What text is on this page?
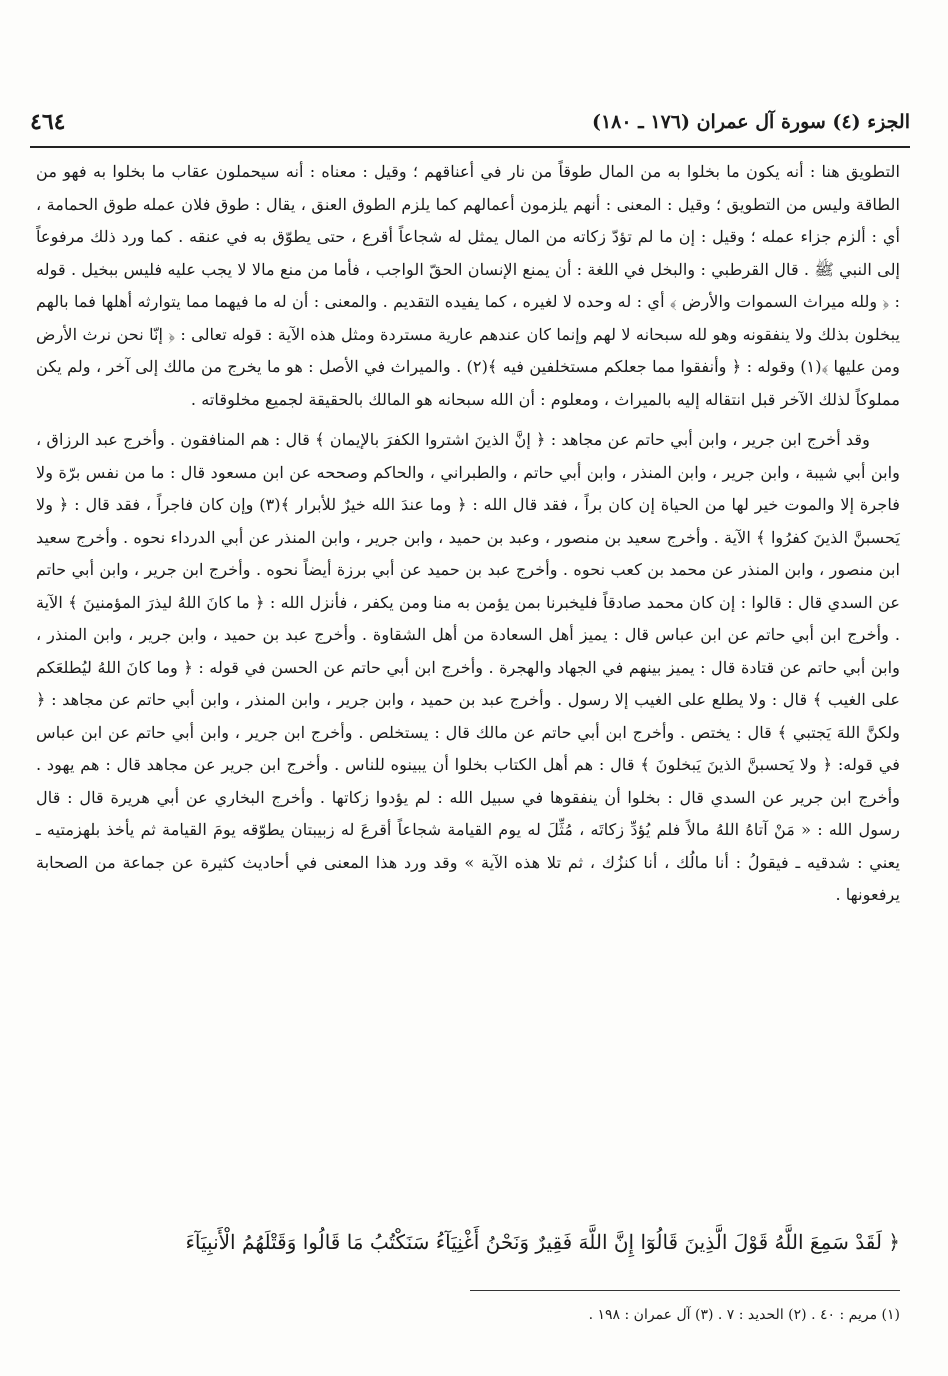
الجزء (٤) سورة آل عمران (١٧٦ ـ ١٨٠)
٤٦٤

التطويق هنا : أنه يكون ما بخلوا به من المال طوقاً من نار في أعناقهم ؛ وقيل : معناه : أنه سيحملون عقاب ما بخلوا به فهو من الطاقة وليس من التطويق ؛ وقيل : المعنى : أنهم يلزمون أعمالهم كما يلزم الطوق العنق ، يقال : طوق فلان عمله طوق الحمامة ، أي : ألزم جزاء عمله ؛ وقيل : إن ما لم تؤدّ زكاته من المال يمثل له شجاعاً أقرع ، حتى يطوّق به في عنقه . كما ورد ذلك مرفوعاً إلى النبي ﷺ . قال القرطبي : والبخل في اللغة : أن يمنع الإنسان الحقّ الواجب ، فأما من منع مالا لا يجب عليه فليس ببخيل . قوله : ﴿ ولله ميراث السموات والأرض ﴾ أي : له وحده لا لغيره ، كما يفيده التقديم . والمعنى : أن له ما فيهما مما يتوارثه أهلها فما بالهم يبخلون بذلك ولا ينفقونه وهو لله سبحانه لا لهم وإنما كان عندهم عارية مستردة ومثل هذه الآية : قوله تعالى : ﴿ إنّا نحن نرث الأرض ومن عليها ﴾(١) وقوله : ﴿ وأنفقوا مما جعلكم مستخلفين فيه ﴾(٢) . والميراث في الأصل : هو ما يخرج من مالك إلى آخر ، ولم يكن مملوكاً لذلك الآخر قبل انتقاله إليه بالميراث ، ومعلوم : أن الله سبحانه هو المالك بالحقيقة لجميع مخلوقاته .

وقد أخرج ابن جرير ، وابن أبي حاتم عن مجاهد : ﴿ إنَّ الذينَ اشتروا الكفرَ بالإيمان ﴾ قال : هم المنافقون . وأخرج عبد الرزاق ، وابن أبي شيبة ، وابن جرير ، وابن المنذر ، وابن أبي حاتم ، والطبراني ، والحاكم وصححه عن ابن مسعود قال : ما من نفس برّة ولا فاجرة إلا والموت خير لها من الحياة إن كان براً ، فقد قال الله : ﴿ وما عندَ الله خيرٌ للأبرار ﴾(٣) وإن كان فاجراً ، فقد قال : ﴿ ولا يَحسبنَّ الذينَ كفرُوا ﴾ الآية . وأخرج سعيد بن منصور ، وعبد بن حميد ، وابن جرير ، وابن المنذر عن أبي الدرداء نحوه . وأخرج سعيد ابن منصور ، وابن المنذر عن محمد بن كعب نحوه . وأخرج عبد بن حميد عن أبي برزة أيضاً نحوه . وأخرج ابن جرير ، وابن أبي حاتم عن السدي قال : قالوا : إن كان محمد صادقاً فليخبرنا بمن يؤمن به منا ومن يكفر ، فأنزل الله : ﴿ ما كانَ اللهُ ليذرَ المؤمنينَ ﴾ الآية . وأخرج ابن أبي حاتم عن ابن عباس قال : يميز أهل السعادة من أهل الشقاوة . وأخرج عبد بن حميد ، وابن جرير ، وابن المنذر ، وابن أبي حاتم عن قتادة قال : يميز بينهم في الجهاد والهجرة . وأخرج ابن أبي حاتم عن الحسن في قوله : ﴿ وما كانَ اللهُ ليُطلعَكم على الغيب ﴾ قال : ولا يطلع على الغيب إلا رسول . وأخرج عبد بن حميد ، وابن جرير ، وابن المنذر ، وابن أبي حاتم عن مجاهد : ﴿ ولكنَّ اللهَ يَجتبي ﴾ قال : يختص . وأخرج ابن أبي حاتم عن مالك قال : يستخلص . وأخرج ابن جرير ، وابن أبي حاتم عن ابن عباس في قوله: ﴿ ولا يَحسبنَّ الذينَ يَبخلونَ ﴾ قال : هم أهل الكتاب بخلوا أن يبينوه للناس . وأخرج ابن جرير عن مجاهد قال : هم يهود . وأخرج ابن جرير عن السدي قال : بخلوا أن ينفقوها في سبيل الله : لم يؤدوا زكاتها . وأخرج البخاري عن أبي هريرة قال : قال رسول الله : « مَنْ آتاهُ اللهُ مالاً فلم يُؤدِّ زكاتَه ، مُثِّلَ له يوم القيامة شجاعاً أقرعَ له زبيبتان يطوّقه يومَ القيامة ثم يأخذ بلهزمتيه ـ يعني : شدقيه ـ فيقولُ : أنا مالُك ، أنا كنزُك ، ثم تلا هذه الآية » وقد ورد هذا المعنى في أحاديث كثيرة عن جماعة من الصحابة يرفعونها .

﴿ لَقَدْ سَمِعَ اللَّهُ قَوْلَ الَّذِينَ قَالُوٓا إِنَّ اللَّهَ فَقِيرٌ وَنَحْنُ أَغْنِيَآءُ سَنَكْتُبُ مَا قَالُوا وَقَتْلَهُمُ الْأَنبِيَآءَ
(١) مريم : ٤٠ . (٢) الحديد : ٧ . (٣) آل عمران : ١٩٨ .
